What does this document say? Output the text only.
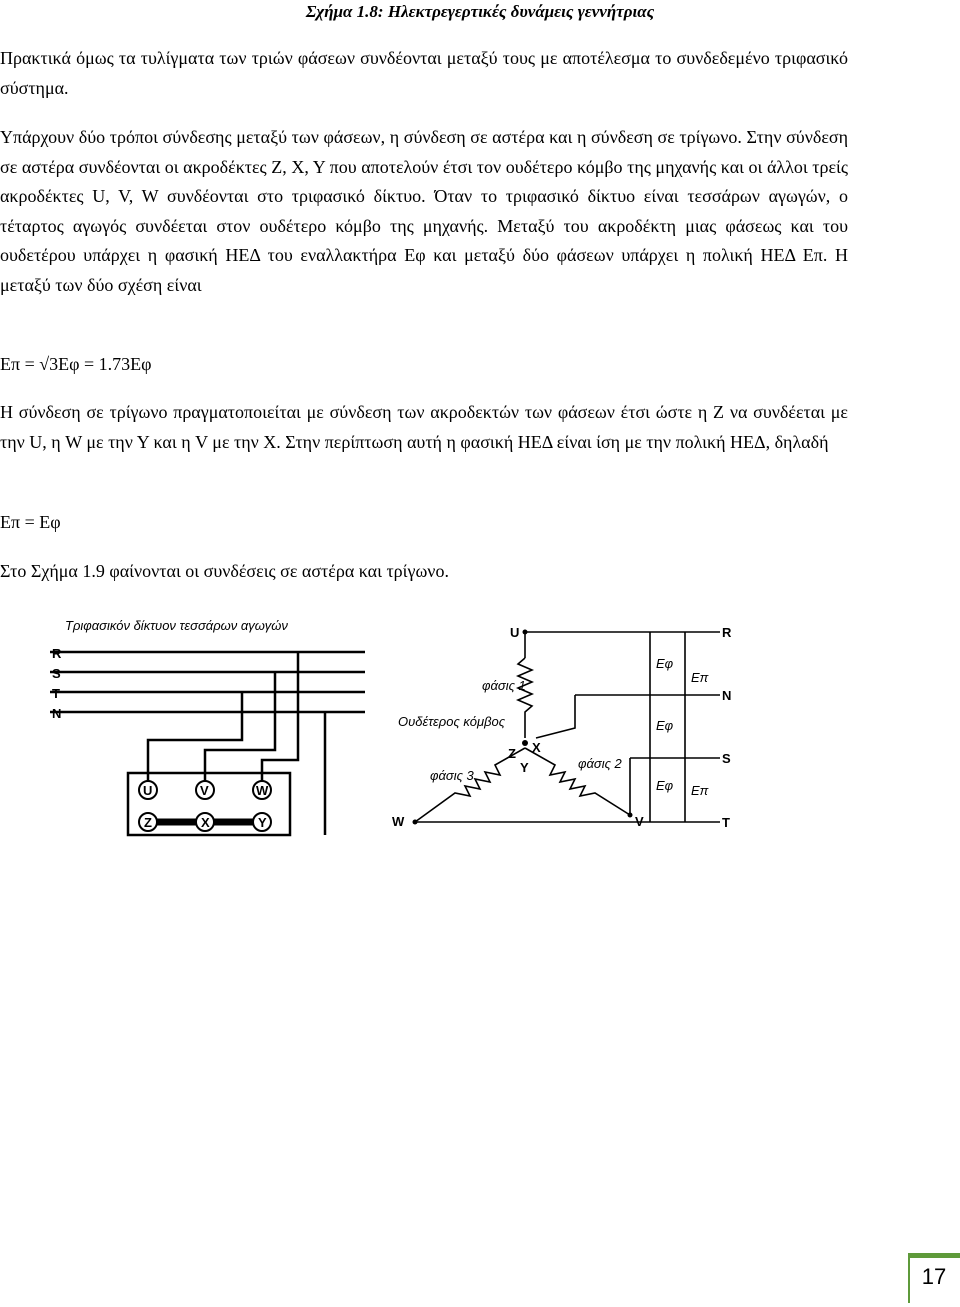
Σχήμα 1.8: Ηλεκτρεγερτικές δυνάμεις γεννήτριας

Πρακτικά όμως τα τυλίγματα των τριών φάσεων συνδέονται μεταξύ τους με αποτέλεσμα το συνδεδεμένο τριφασικό σύστημα.

Υπάρχουν δύο τρόποι σύνδεσης μεταξύ των φάσεων, η σύνδεση σε αστέρα και η σύνδεση σε τρίγωνο. Στην σύνδεση σε αστέρα συνδέονται οι ακροδέκτες Ζ, Χ, Υ που αποτελούν έτσι τον ουδέτερο κόμβο της μηχανής και οι άλλοι τρείς ακροδέκτες U, V, W συνδέονται στο τριφασικό δίκτυο. Όταν το τριφασικό δίκτυο είναι τεσσάρων αγωγών, ο τέταρτος αγωγός συνδέεται στον ουδέτερο κόμβο της μηχανής. Μεταξύ του ακροδέκτη μιας φάσεως και του ουδετέρου υπάρχει η φασική ΗΕΔ του εναλλακτήρα Εφ και μεταξύ δύο φάσεων υπάρχει η πολική ΗΕΔ Επ. Η μεταξύ των δύο σχέση είναι

Επ = √3Εφ = 1.73Εφ

Η σύνδεση σε τρίγωνο πραγματοποιείται με σύνδεση των ακροδεκτών των φάσεων έτσι ώστε η Ζ να συνδέεται με την U, η W με την Υ και η V με την Χ. Στην περίπτωση αυτή η φασική ΗΕΔ είναι ίση με την πολική ΗΕΔ, δηλαδή

Επ = Εφ

Στο Σχήμα 1.9 φαίνονται οι συνδέσεις σε αστέρα και τρίγωνο.

Τριφασικόν δίκτυον τεσσάρων αγωγών
R
S
T
N
U	V	W
Z	X	Y
U
Z X
Y
V
W
Ουδέτερος κόμβος
φάσις 1
φάσις 2
φάσις 3
Εφ
Επ
Εφ
Εφ Επ
R
N
S
T
17
